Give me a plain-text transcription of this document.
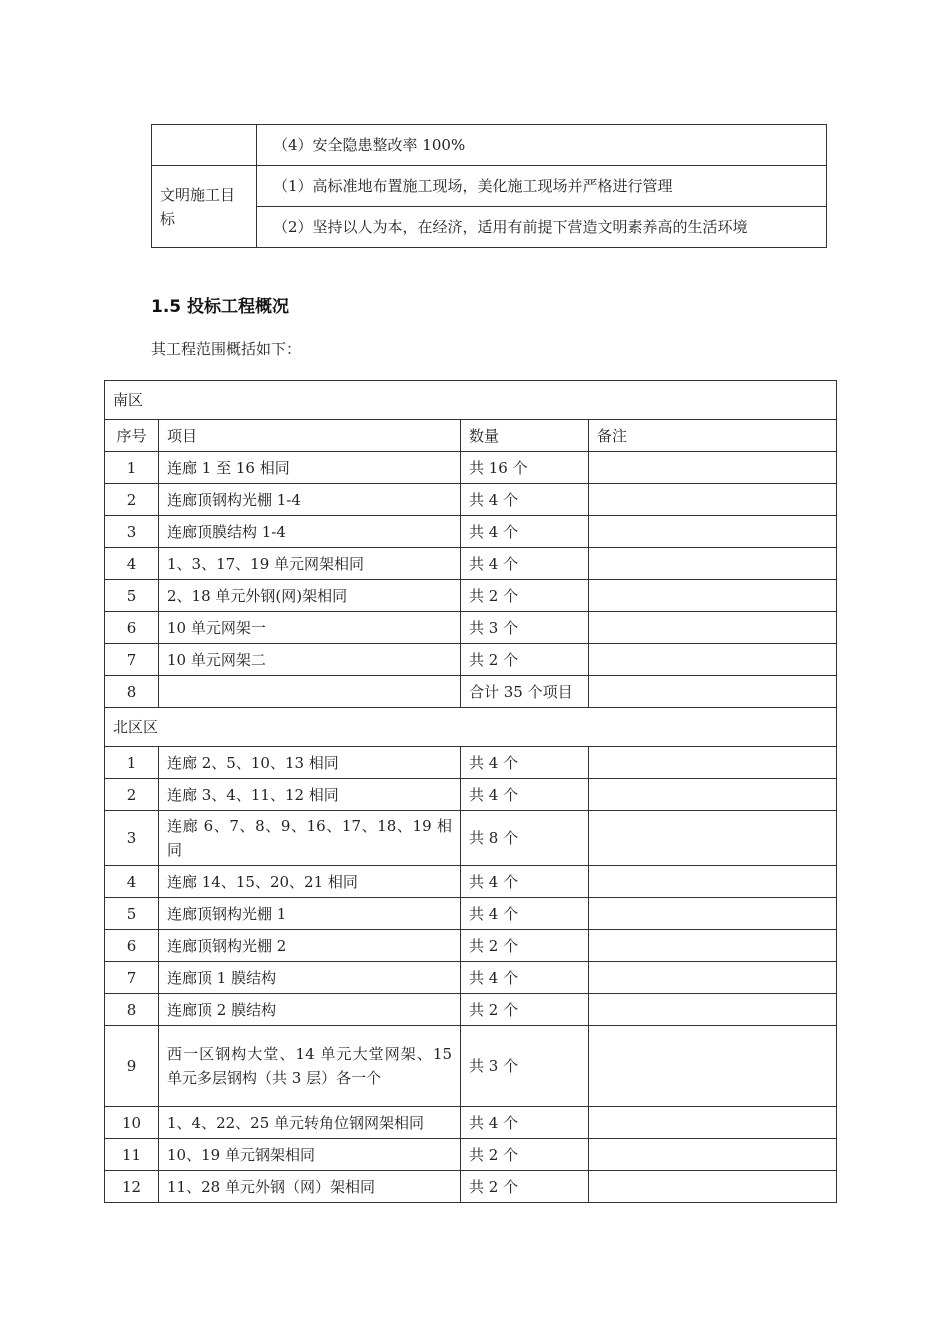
	（4）安全隐患整改率 100%
文明施工目标	（1）高标准地布置施工现场，美化施工现场并严格进行管理
	（2）坚持以人为本，在经济，适用有前提下营造文明素养高的生活环境
1.5 投标工程概况

其工程范围概括如下：

南区			
序号	项目	数量	备注
1	连廊 1 至 16 相同	共 16 个	
2	连廊顶钢构光棚 1-4	共 4 个	
3	连廊顶膜结构 1-4	共 4 个	
4	1、3、17、19 单元网架相同	共 4 个	
5	2、18 单元外钢(网)架相同	共 2 个	
6	10 单元网架一	共 3 个	
7	10 单元网架二	共 2 个	
8		合计 35 个项目	
北区区			
1	连廊 2、5、10、13 相同	共 4 个	
2	连廊 3、4、11、12 相同	共 4 个	
3	连廊 6、7、8、9、16、17、18、19 相同	共 8 个	
4	连廊 14、15、20、21 相同	共 4 个	
5	连廊顶钢构光棚 1	共 4 个	
6	连廊顶钢构光棚 2	共 2 个	
7	连廊顶 1 膜结构	共 4 个	
8	连廊顶 2 膜结构	共 2 个	
9	西一区钢构大堂、14 单元大堂网架、15 单元多层钢构（共 3 层）各一个	共 3 个	
10	1、4、22、25 单元转角位钢网架相同	共 4 个	
11	10、19 单元钢架相同	共 2 个	
12	11、28 单元外钢（网）架相同	共 2 个	
